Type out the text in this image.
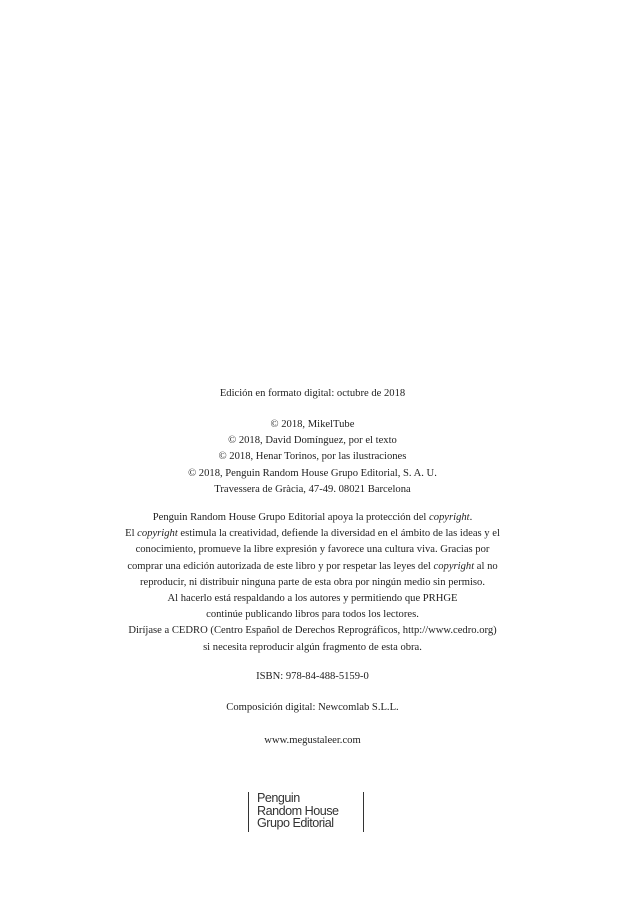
Edición en formato digital: octubre de 2018
© 2018, MikelTube
© 2018, David Domínguez, por el texto
© 2018, Henar Torinos, por las ilustraciones
© 2018, Penguin Random House Grupo Editorial, S. A. U.
Travessera de Gràcia, 47-49. 08021 Barcelona
Penguin Random House Grupo Editorial apoya la protección del copyright.
El copyright estimula la creatividad, defiende la diversidad en el ámbito de las ideas y el
conocimiento, promueve la libre expresión y favorece una cultura viva. Gracias por
comprar una edición autorizada de este libro y por respetar las leyes del copyright al no
reproducir, ni distribuir ninguna parte de esta obra por ningún medio sin permiso.
Al hacerlo está respaldando a los autores y permitiendo que PRHGE
continúe publicando libros para todos los lectores.
Diríjase a CEDRO (Centro Español de Derechos Reprográficos, http://www.cedro.org)
si necesita reproducir algún fragmento de esta obra.
ISBN: 978-84-488-5159-0
Composición digital: Newcomlab S.L.L.
www.megustaleer.com
Penguin
Random House
Grupo Editorial
